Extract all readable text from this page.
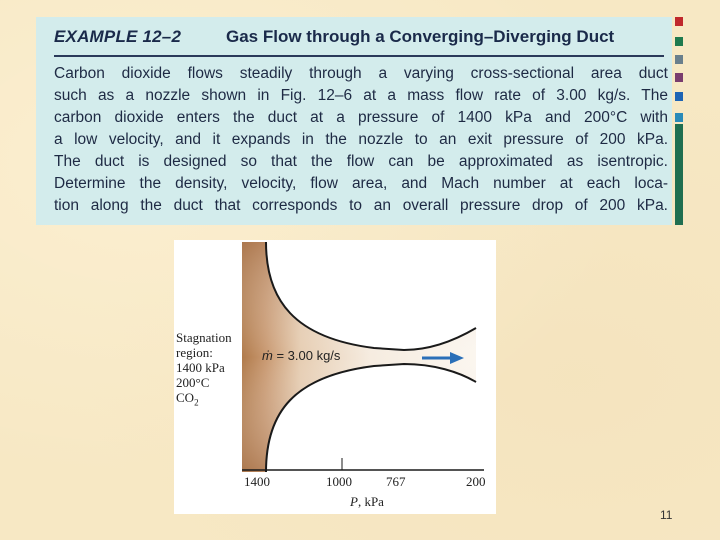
EXAMPLE 12–2	Gas Flow through a Converging–Diverging Duct
Carbon dioxide flows steadily through a varying cross-sectional area duct
such as a nozzle shown in Fig. 12–6 at a mass flow rate of 3.00 kg/s. The
carbon dioxide enters the duct at a pressure of 1400 kPa and 200°C with
a low velocity, and it expands in the nozzle to an exit pressure of 200 kPa.
The duct is designed so that the flow can be approximated as isentropic.
Determine the density, velocity, flow area, and Mach number at each loca-
tion along the duct that corresponds to an overall pressure drop of 200 kPa.
Stagnation
region:
1400 kPa
200°C
$CO_2$
ṁ = 3.00 kg/s
1400	1000	767	200
P, kPa
11
